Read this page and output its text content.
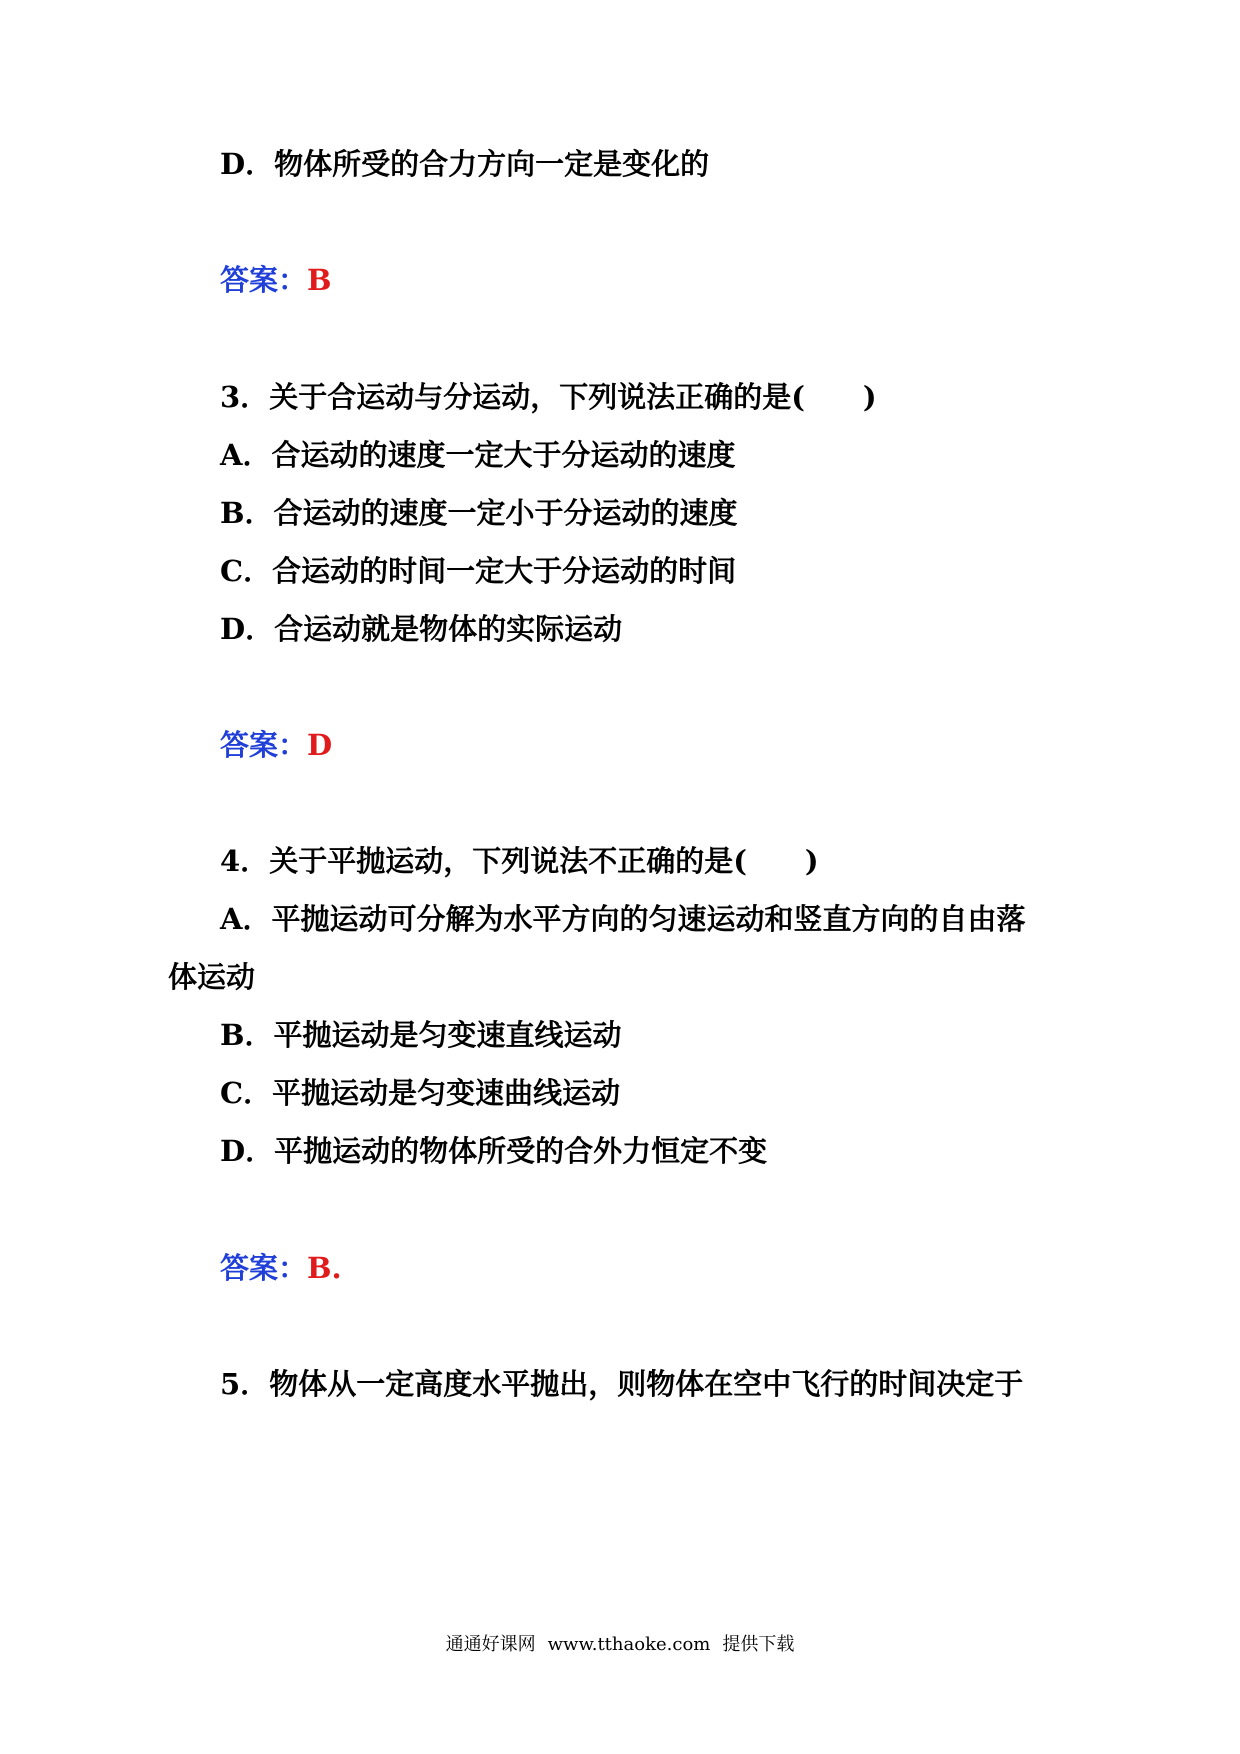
D．物体所受的合力方向一定是变化的
答案：B
3．关于合运动与分运动，下列说法正确的是(　　)
A．合运动的速度一定大于分运动的速度
B．合运动的速度一定小于分运动的速度
C．合运动的时间一定大于分运动的时间
D．合运动就是物体的实际运动
答案：D
4．关于平抛运动，下列说法不正确的是(　　)
A．平抛运动可分解为水平方向的匀速运动和竖直方向的自由落
体运动
B．平抛运动是匀变速直线运动
C．平抛运动是匀变速曲线运动
D．平抛运动的物体所受的合外力恒定不变
答案：B.
5．物体从一定高度水平抛出，则物体在空中飞行的时间决定于
通通好课网 www.tthaoke.com 提供下载
